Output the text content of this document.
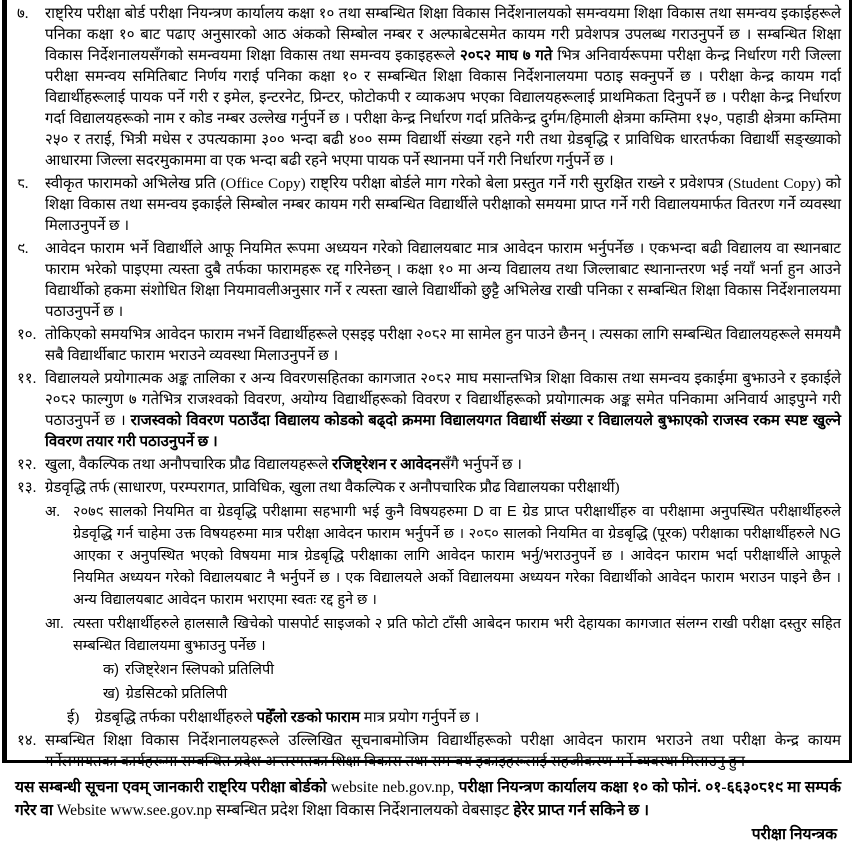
७. राष्ट्रिय परीक्षा बोर्ड परीक्षा नियन्त्रण कार्यालय कक्षा १० तथा सम्बन्धित शिक्षा विकास निर्देशनालयको समन्वयमा शिक्षा विकास तथा समन्वय इकाईहरूले पनिका कक्षा १० बाट पढाए अनुसारको आठ अंकको सिम्बोल नम्बर र अल्फाबेटसमेत कायम गरी प्रवेशपत्र उपलब्ध गराउनुपर्ने छ । सम्बन्धित शिक्षा विकास निर्देशनालयसँगको समन्वयमा शिक्षा विकास तथा समन्वय इकाइहरूले २०८२ माघ ७ गते भित्र अनिवार्यरूपमा परीक्षा केन्द्र निर्धारण गरी जिल्ला परीक्षा समन्वय समितिबाट निर्णय गराई पनिका कक्षा १० र सम्बन्धित शिक्षा विकास निर्देशनालयमा पठाइ सक्नुपर्ने छ । परीक्षा केन्द्र कायम गर्दा विद्यार्थीहरूलाई पायक पर्ने गरी र इमेल, इन्टरनेट, प्रिन्टर, फोटोकपी र व्याकअप भएका विद्यालयहरूलाई प्राथमिकता दिनुपर्ने छ । परीक्षा केन्द्र निर्धारण गर्दा विद्यालयहरूको नाम र कोड नम्बर उल्लेख गर्नुपर्ने छ । परीक्षा केन्द्र निर्धारण गर्दा प्रतिकेन्द्र दुर्गम/हिमाली क्षेत्रमा कम्तिमा १५०, पहाडी क्षेत्रमा कम्तिमा २५० र तराई, भित्री मधेस र उपत्यकामा ३०० भन्दा बढी ४०० सम्म विद्यार्थी संख्या रहने गरी तथा ग्रेडबृद्धि र प्राविधिक धारतर्फका विद्यार्थी सङ्ख्याको आधारमा जिल्ला सदरमुकाममा वा एक भन्दा बढी रहने भएमा पायक पर्ने स्थानमा पर्ने गरी निर्धारण गर्नुपर्ने छ ।
८. स्वीकृत फारामको अभिलेख प्रति (Office Copy) राष्ट्रिय परीक्षा बोर्डले माग गरेको बेला प्रस्तुत गर्ने गरी सुरक्षित राख्ने र प्रवेशपत्र (Student Copy) को शिक्षा विकास तथा समन्वय इकाईले सिम्बोल नम्बर कायम गरी सम्बन्धित विद्यार्थीले परीक्षाको समयमा प्राप्त गर्ने गरी विद्यालयमार्फत वितरण गर्ने व्यवस्था मिलाउनुपर्ने छ ।
९. आवेदन फाराम भर्ने विद्यार्थीले आफू नियमित रूपमा अध्ययन गरेको विद्यालयबाट मात्र आवेदन फाराम भर्नुपर्नेछ । एकभन्दा बढी विद्यालय वा स्थानबाट फाराम भरेको पाइएमा त्यस्ता दुबै तर्फका फारामहरू रद्द गरिनेछन् । कक्षा १० मा अन्य विद्यालय तथा जिल्लाबाट स्थानान्तरण भई नयाँ भर्ना हुन आउने विद्यार्थीको हकमा संशोधित शिक्षा नियमावलीअनुसार गर्ने र त्यस्ता खाले विद्यार्थीको छुट्टै अभिलेख राखी पनिका र सम्बन्धित शिक्षा विकास निर्देशनालयमा पठाउनुपर्ने छ ।
१०. तोकिएको समयभित्र आवेदन फाराम नभर्ने विद्यार्थीहरूले एसइइ परीक्षा २०८२ मा सामेल हुन पाउने छैनन् । त्यसका लागि सम्बन्धित विद्यालयहरूले समयमै सबै विद्यार्थीबाट फाराम भराउने व्यवस्था मिलाउनुपर्ने छ ।
११. विद्यालयले प्रयोगात्मक अङ्क तालिका र अन्य विवरणसहितका कागजात २०८२ माघ मसान्तभित्र शिक्षा विकास तथा समन्वय इकाईमा बुझाउने र इकाईले २०८२ फाल्गुण ७ गतेभित्र राजश्वको विवरण, अयोग्य विद्यार्थीहरूको विवरण र विद्यार्थीहरूको प्रयोगात्मक अङ्क समेत पनिकामा अनिवार्य आइपुग्ने गरी पठाउनुपर्ने छ । राजस्वको विवरण पठाउँदा विद्यालय कोडको बढ्दो क्रममा विद्यालयगत विद्यार्थी संख्या र विद्यालयले बुझाएको राजस्व रकम स्पष्ट खुल्ने विवरण तयार गरी पठाउनुपर्ने छ ।
१२. खुला, वैकल्पिक तथा अनौपचारिक प्रौढ विद्यालयहरूले रजिष्ट्रेशन र आवेदनसँगै भर्नुपर्ने छ ।
१३. ग्रेडवृद्धि तर्फ (साधारण, परम्परागत, प्राविधिक, खुला तथा वैकल्पिक र अनौपचारिक प्रौढ विद्यालयका परीक्षार्थी)
अ. २०७९ सालको नियमित वा ग्रेडवृद्धि परीक्षामा सहभागी भई कुनै विषयहरुमा D वा E ग्रेड प्राप्त परीक्षार्थीहरु वा परीक्षामा अनुपस्थित परीक्षार्थीहरुले ग्रेडवृद्धि गर्न चाहेमा उक्त विषयहरुमा मात्र परीक्षा आवेदन फाराम भर्नुपर्ने छ । २०८० सालको नियमित वा ग्रेडबृद्धि (पूरक) परीक्षाका परीक्षार्थीहरुले NG आएका र अनुपस्थित भएको विषयमा मात्र ग्रेडबृद्धि परीक्षाका लागि आवेदन फाराम भर्नु/भराउनुपर्ने छ । आवेदन फाराम भर्दा परीक्षार्थीले आफूले नियमित अध्ययन गरेको विद्यालयबाट नै भर्नुपर्ने छ । एक विद्यालयले अर्को विद्यालयमा अध्ययन गरेका विद्यार्थीको आवेदन फाराम भराउन पाइने छैन । अन्य विद्यालयबाट आवेदन फाराम भराएमा स्वतः रद्द हुने छ ।
आ. त्यस्ता परीक्षार्थीहरुले हालसालै खिचेको पासपोर्ट साइजको २ प्रति फोटो टाँसी आबेदन फाराम भरी देहायका कागजात संलग्न राखी परीक्षा दस्तुर सहित सम्बन्धित विद्यालयमा बुझाउनु पर्नेछ ।
क) रजिष्ट्रेशन स्लिपको प्रतिलिपी
ख) ग्रेडसिटको प्रतिलिपी
ई) ग्रेडबृद्धि तर्फका परीक्षार्थीहरुले पहेँलो रङको फाराम मात्र प्रयोग गर्नुपर्ने छ ।
१४. सम्बन्धित शिक्षा विकास निर्देशनालयहरूले उल्लिखित सूचनाबमोजिम विद्यार्थीहरूको परीक्षा आवेदन फाराम भराउने तथा परीक्षा केन्द्र कायम गर्नेलगायतका कार्यहरूमा सम्बन्धित प्रदेश अन्तरगतका शिक्षा विकास तथा समन्वय इकाइहरूलाई सहजीकरण गर्ने व्यवस्था मिलाउनु हुन
यस सम्बन्धी सूचना एवम् जानकारी राष्ट्रिय परीक्षा बोर्डको website neb.gov.np, परीक्षा नियन्त्रण कार्यालय कक्षा १० को फोनं. ०१-६६३०८१९ मा सम्पर्क गरेर वा Website www.see.gov.np सम्बन्धित प्रदेश शिक्षा विकास निर्देशनालयको वेबसाइट हेरेर प्राप्त गर्न सकिने छ ।
परीक्षा नियन्त्रक
